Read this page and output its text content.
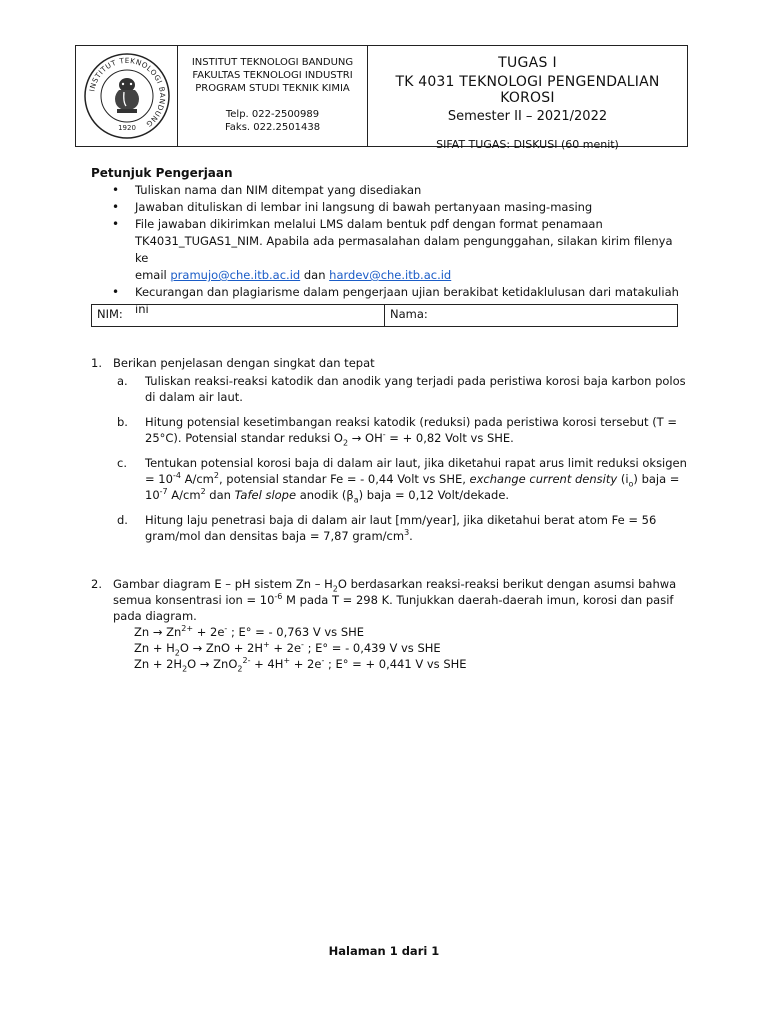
INSTITUT TEKNOLOGI BANDUNG
1920
INSTITUT TEKNOLOGI BANDUNG
FAKULTAS TEKNOLOGI INDUSTRI
PROGRAM STUDI TEKNIK KIMIA
Telp. 022-2500989
Faks. 022.2501438
TUGAS I
TK 4031 TEKNOLOGI PENGENDALIAN KOROSI
Semester II – 2021/2022
SIFAT TUGAS: DISKUSI (60 menit)
Petunjuk Pengerjaan
• Tuliskan nama dan NIM ditempat yang disediakan
• Jawaban dituliskan di lembar ini langsung di bawah pertanyaan masing-masing
• File jawaban dikirimkan melalui LMS dalam bentuk pdf dengan format penamaan
TK4031_TUGAS1_NIM. Apabila ada permasalahan dalam pengunggahan, silakan kirim filenya ke
email pramujo@che.itb.ac.id dan hardev@che.itb.ac.id
• Kecurangan dan plagiarisme dalam pengerjaan ujian berakibat ketidaklulusan dari matakuliah ini
NIM:	Nama:
1. Berikan penjelasan dengan singkat dan tepat
a. Tuliskan reaksi-reaksi katodik dan anodik yang terjadi pada peristiwa korosi baja karbon polos di dalam air laut.
b. Hitung potensial kesetimbangan reaksi katodik (reduksi) pada peristiwa korosi tersebut (T =
25°C). Potensial standar reduksi $O_2 \to OH^-$ = + 0,82 Volt vs SHE.
c. Tentukan potensial korosi baja di dalam air laut, jika diketahui rapat arus limit reduksi oksigen
= $10^{-4}$ $A/cm^2$, potensial standar Fe = - 0,44 Volt vs SHE, exchange current density $(i_o)$ baja =
$10^{-7}$ $A/cm^2$ dan Tafel slope anodik $(\beta_a)$ baja = 0,12 Volt/dekade.
d. Hitung laju penetrasi baja di dalam air laut [mm/year], jika diketahui berat atom Fe = 56
gram/mol dan densitas baja = 7,87 gram/$cm^3$.
2. Gambar diagram E – pH sistem Zn – $H_2O$ berdasarkan reaksi-reaksi berikut dengan asumsi bahwa
semua konsentrasi ion = $10^{-6}$ M pada T = 298 K. Tunjukkan daerah-daerah imun, korosi dan pasif
pada diagram.
$Zn \to Zn^{2+} + 2e^-$ ; E° = - 0,763 V vs SHE
$Zn + H_2O$ → ZnO + 2H+ + 2e- ; E° = - 0,439 V vs SHE
$Zn + 2H_2O \to ZnO_2^{2-} + 4H^+ + 2e^-$ ; E° = + 0,441 V vs SHE
Halaman 1 dari 1
